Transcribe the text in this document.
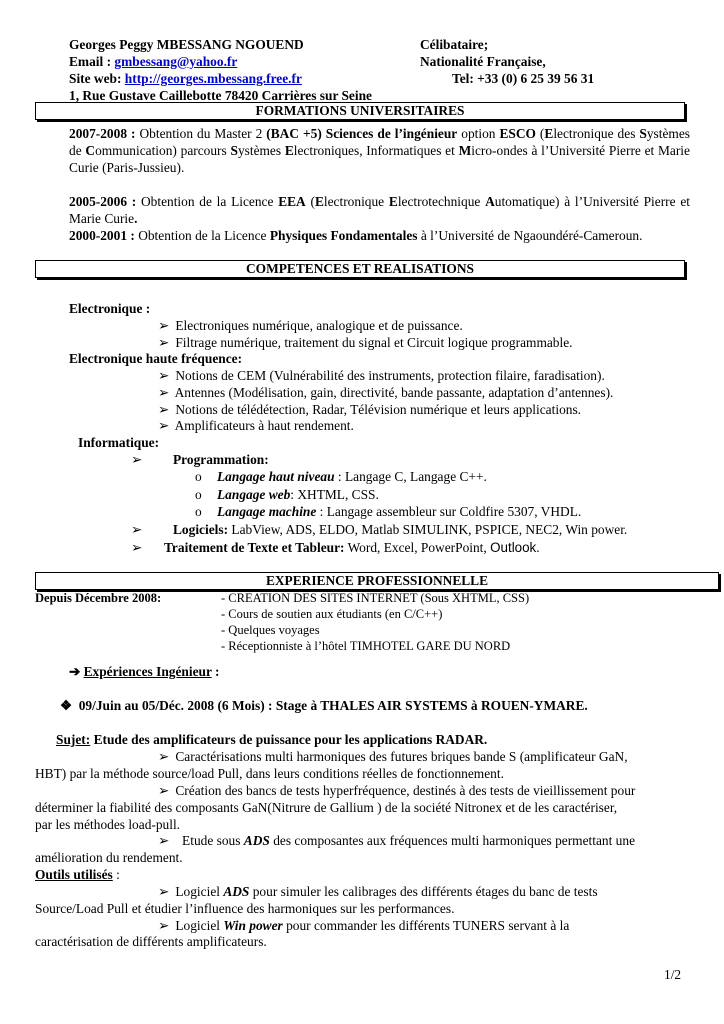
Georges Peggy MBESSANG NGOUEND	Célibataire;
Email : gmbessang@yahoo.fr	Nationalité Française,
Site web: http://georges.mbessang.free.fr	Tel: +33 (0) 6 25 39 56 31
1, Rue Gustave Caillebotte 78420 Carrières sur Seine
FORMATIONS UNIVERSITAIRES
2007-2008 : Obtention du Master 2 (BAC +5) Sciences de l’ingénieur option ESCO (Electronique des Systèmes de Communication) parcours Systèmes Electroniques, Informatiques et Micro-ondes à l’Université Pierre et Marie Curie (Paris-Jussieu).
2005-2006 : Obtention de la Licence EEA (Electronique Electrotechnique Automatique) à l’Université Pierre et Marie Curie.
2000-2001 : Obtention de la Licence Physiques Fondamentales à l’Université de Ngaoundéré-Cameroun.
COMPETENCES ET REALISATIONS
Electronique :
➢ Electroniques numérique, analogique et de puissance.
➢ Filtrage numérique, traitement du signal et Circuit logique programmable.
Electronique haute fréquence:
➢ Notions de CEM (Vulnérabilité des instruments, protection filaire, faradisation).
➢ Antennes (Modélisation, gain, directivité, bande passante, adaptation d’antennes).
➢ Notions de télédétection, Radar, Télévision numérique et leurs applications.
➢ Amplificateurs à haut rendement.
Informatique:
➢ Programmation:
o Langage haut niveau : Langage C, Langage C++.
o Langage web: XHTML, CSS.
o Langage machine : Langage assembleur sur Coldfire 5307, VHDL.
➢ Logiciels: LabView, ADS, ELDO, Matlab SIMULINK, PSPICE, NEC2, Win power.
➢ Traitement de Texte et Tableur: Word, Excel, PowerPoint, Outlook.
EXPERIENCE PROFESSIONNELLE
Depuis Décembre 2008:	- CREATION DES SITES INTERNET (Sous XHTML, CSS)
- Cours de soutien aux étudiants (en C/C++)
- Quelques voyages
- Réceptionniste à l’hôtel TIMHOTEL GARE DU NORD
➔ Expériences Ingénieur :
❖ 09/Juin au 05/Déc. 2008 (6 Mois) : Stage à THALES AIR SYSTEMS à ROUEN-YMARE.
Sujet: Etude des amplificateurs de puissance pour les applications RADAR.
➢ Caractérisations multi harmoniques des futures briques bande S (amplificateur GaN,
HBT) par la méthode source/load Pull, dans leurs conditions réelles de fonctionnement.
➢ Création des bancs de tests hyperfréquence, destinés à des tests de vieillissement pour
déterminer la fiabilité des composants GaN(Nitrure de Gallium ) de la société Nitronex et de les caractériser,
par les méthodes load-pull.
➢ Etude sous ADS des composantes aux fréquences multi harmoniques permettant une
amélioration du rendement.
Outils utilisés :
➢ Logiciel ADS pour simuler les calibrages des différents étages du banc de tests
Source/Load Pull et étudier l’influence des harmoniques sur les performances.
➢ Logiciel Win power pour commander les différents TUNERS servant à la
caractérisation de différents amplificateurs.
1/2
